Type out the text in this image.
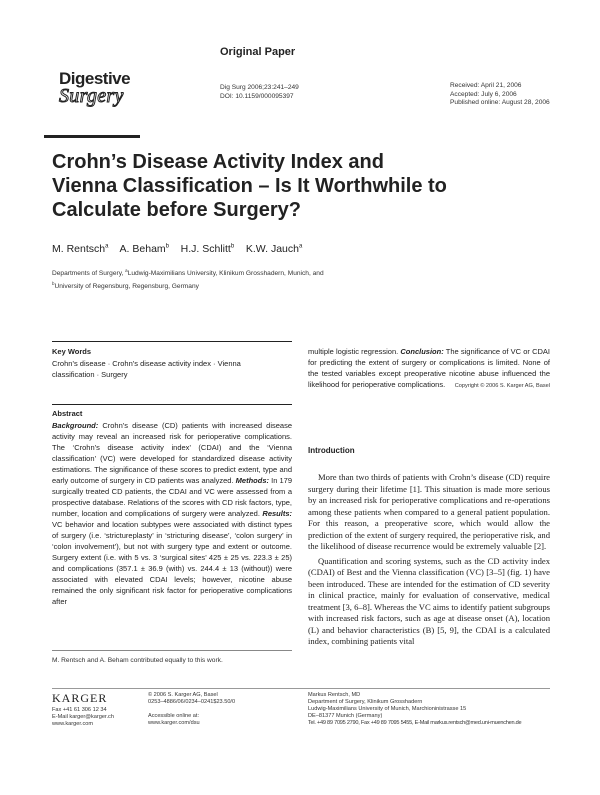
Original Paper
Digestive
Surgery	Dig Surg 2006;23:241–249
DOI: 10.1159/000095397
Received: April 21, 2006
Accepted: July 6, 2006
Published online: August 28, 2006
Crohn’s Disease Activity Index and
Vienna Classification – Is It Worthwhile to
Calculate before Surgery?
M. Rentsch$^a$ A. Beham$^b$ H.J. Schlitt$^b$ K.W. Jauch$^a$
Departments of Surgery, $^a$Ludwig-Maximilians University, Klinikum Grosshadern, Munich, and
$^b$University of Regensburg, Regensburg, Germany
Key Words
Crohn’s disease · Crohn’s disease activity index · Vienna
classification · Surgery
Abstract
Background: Crohn’s disease (CD) patients with increased disease activity may reveal an increased risk for perioperative complications. The ‘Crohn’s disease activity index’ (CDAI) and the ‘Vienna classification’ (VC) were developed for standardized disease activity estimations. The significance of these scores to predict extent, type and early outcome of surgery in CD patients was analyzed. Methods: In 179 surgically treated CD patients, the CDAI and VC were assessed from a prospective database. Relations of the scores with CD risk factors, type, number, location and complications of surgery were analyzed. Results: VC behavior and location subtypes were associated with distinct types of surgery (i.e. ‘strictureplasty’ in ‘stricturing disease’, ‘colon surgery’ in ‘colon involvement’), but not with surgery type and extent or outcome. Surgery extent (i.e. with 5 vs. 3 ‘surgical sites’ 425 ± 25 vs. 223.3 ± 25) and complications (357.1 ± 36.9 (with) vs. 244.4 ± 13 (without)) were associated with elevated CDAI levels; however, nicotine abuse remained the only significant risk factor for perioperative complications after
multiple logistic regression. Conclusion: The significance of VC or CDAI for predicting the extent of surgery or complications is limited. None of the tested variables except preoperative nicotine abuse influenced the likelihood for perioperative complications.	Copyright © 2006 S. Karger AG, Basel
M. Rentsch and A. Beham contributed equally to this work.
Introduction

More than two thirds of patients with Crohn’s disease (CD) require surgery during their lifetime [1]. This situation is made more serious by an increased risk for perioperative complications and re-operations among these patients when compared to a general patient population. For this reason, a preoperative score, which would allow the prediction of the extent of surgery required, the perioperative risk, and the likelihood of disease recurrence would be extremely valuable [2].

Quantification and scoring systems, such as the CD activity index (CDAI) of Best and the Vienna classification (VC) [3–5] (fig. 1) have been introduced. These are intended for the estimation of CD severity in clinical practice, mainly for evaluation of conservative, medical treatment [3, 6–8]. Whereas the VC aims to identify patient subgroups with increased risk factors, such as age at disease onset (A), location (L) and behavior characteristics (B) [5, 9], the CDAI is a calculated index, combining patients vital

KARGER
Fax +41 61 306 12 34
E-Mail karger@karger.ch
www.karger.com
© 2006 S. Karger AG, Basel
0253–4886/06/0234–0241$23.50/0
Accessible online at:
www.karger.com/dsu
Markus Rentsch, MD
Department of Surgery, Klinikum Grosshadern
Ludwig-Maximilians University of Munich, Marchioninistrasse 15
DE–81377 Munich (Germany)
Tel. +49 89 7095 2790, Fax +49 89 7095 5455, E-Mail markus.rentsch@med.uni-muenchen.de
